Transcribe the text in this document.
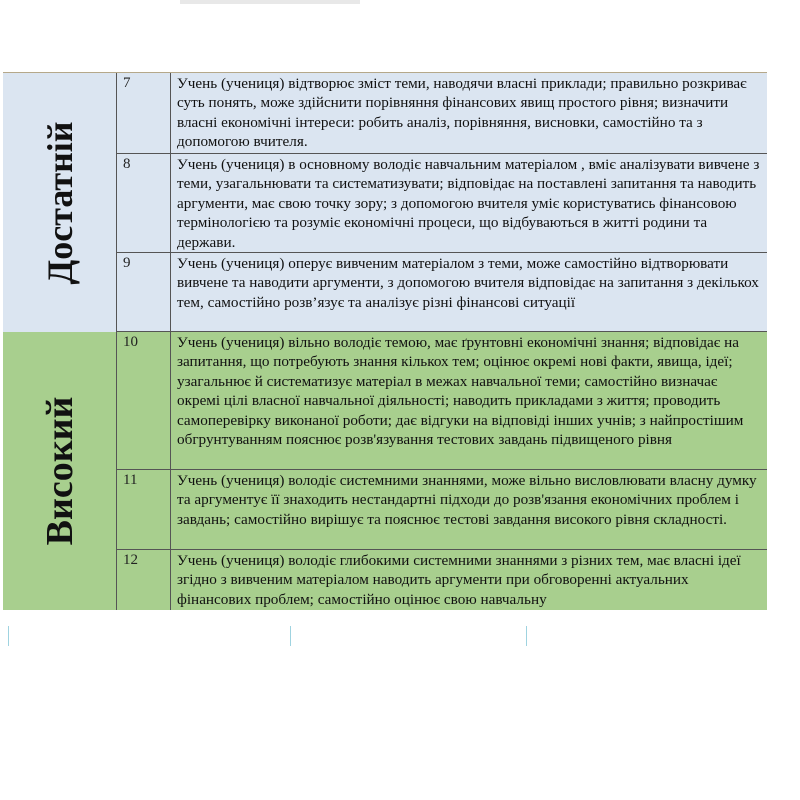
Достатній
7	Учень (учениця) відтворює зміст теми, наводячи власні приклади; правильно розкриває суть понять, може здійснити порівняння фінансових явищ простого рівня; визначити власні економічні інтереси: робить аналіз, порівняння, висновки, самостійно та з допомогою вчителя.
8	Учень (учениця) в основному володіє навчальним матеріалом , вміє аналізувати вивчене з теми, узагальнювати та систематизувати; відповідає на поставлені запитання та наводить аргументи, має свою точку зору; з допомогою вчителя уміє користуватись фінансовою термінологією та розуміє економічні процеси, що відбуваються в житті родини та держави.
9	Учень (учениця) оперує вивченим матеріалом з теми, може самостійно відтворювати вивчене та наводити аргументи, з допомогою вчителя відповідає на запитання з декількох тем, самостійно розв’язує та аналізує різні фінансові ситуації
Високий
10	Учень (учениця) вільно володіє темою, має ґрунтовні економічні знання; відповідає на запитання, що потребують знання кількох тем; оцінює окремі нові факти, явища, ідеї; узагальнює й систематизує матеріал в межах навчальної теми; самостійно визначає окремі цілі власної навчальної діяльності; наводить прикладами з життя; проводить самоперевірку виконаної роботи; дає відгуки на відповіді інших учнів; з найпростішим обгрунтуванням пояснює розв'язування тестових завдань підвищеного рівня
11	Учень (учениця) володіє системними знаннями, може вільно висловлювати власну думку та аргументує її знаходить нестандартні підходи до розв'язання економічних проблем і завдань; самостійно вирішує та пояснює тестові завдання високого рівня складності.
12	Учень (учениця) володіє глибокими системними знаннями з різних тем, має власні ідеї згідно з вивченим матеріалом наводить аргументи при обговоренні актуальних фінансових проблем; самостійно оцінює свою навчальну
